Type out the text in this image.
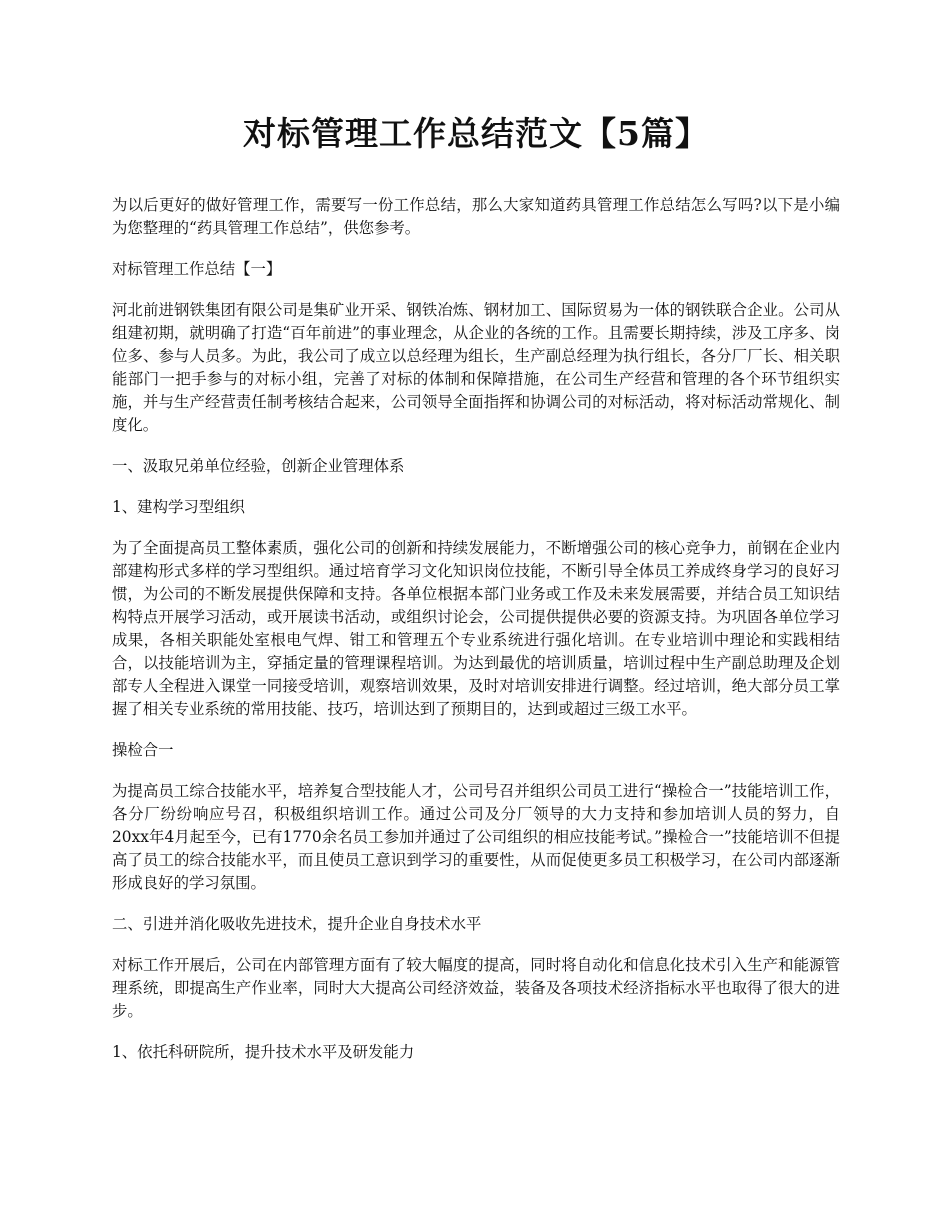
对标管理工作总结范文【5篇】

为以后更好的做好管理工作，需要写一份工作总结，那么大家知道药具管理工作总结怎么写吗?以下是小编为您整理的“药具管理工作总结”，供您参考。

对标管理工作总结【一】

河北前进钢铁集团有限公司是集矿业开采、钢铁冶炼、钢材加工、国际贸易为一体的钢铁联合企业。公司从组建初期，就明确了打造“百年前进”的事业理念，从企业的各统的工作。且需要长期持续，涉及工序多、岗位多、参与人员多。为此，我公司了成立以总经理为组长，生产副总经理为执行组长，各分厂厂长、相关职能部门一把手参与的对标小组，完善了对标的体制和保障措施，在公司生产经营和管理的各个环节组织实施，并与生产经营责任制考核结合起来，公司领导全面指挥和协调公司的对标活动，将对标活动常规化、制度化。

一、汲取兄弟单位经验，创新企业管理体系

1、建构学习型组织

为了全面提高员工整体素质，强化公司的创新和持续发展能力，不断增强公司的核心竞争力，前钢在企业内部建构形式多样的学习型组织。通过培育学习文化知识岗位技能，不断引导全体员工养成终身学习的良好习惯，为公司的不断发展提供保障和支持。各单位根据本部门业务或工作及未来发展需要，并结合员工知识结构特点开展学习活动，或开展读书活动，或组织讨论会，公司提供提供必要的资源支持。为巩固各单位学习成果，各相关职能处室根电气焊、钳工和管理五个专业系统进行强化培训。在专业培训中理论和实践相结合，以技能培训为主，穿插定量的管理课程培训。为达到最优的培训质量，培训过程中生产副总助理及企划部专人全程进入课堂一同接受培训，观察培训效果，及时对培训安排进行调整。经过培训，绝大部分员工掌握了相关专业系统的常用技能、技巧，培训达到了预期目的，达到或超过三级工水平。

操检合一

为提高员工综合技能水平，培养复合型技能人才，公司号召并组织公司员工进行“操检合一”技能培训工作，各分厂纷纷响应号召，积极组织培训工作。通过公司及分厂领导的大力支持和参加培训人员的努力，自20xx年4月起至今，已有1770余名员工参加并通过了公司组织的相应技能考试。”操检合一”技能培训不但提高了员工的综合技能水平，而且使员工意识到学习的重要性，从而促使更多员工积极学习，在公司内部逐渐形成良好的学习氛围。

二、引进并消化吸收先进技术，提升企业自身技术水平

对标工作开展后，公司在内部管理方面有了较大幅度的提高，同时将自动化和信息化技术引入生产和能源管理系统，即提高生产作业率，同时大大提高公司经济效益，装备及各项技术经济指标水平也取得了很大的进步。

1、依托科研院所，提升技术水平及研发能力
